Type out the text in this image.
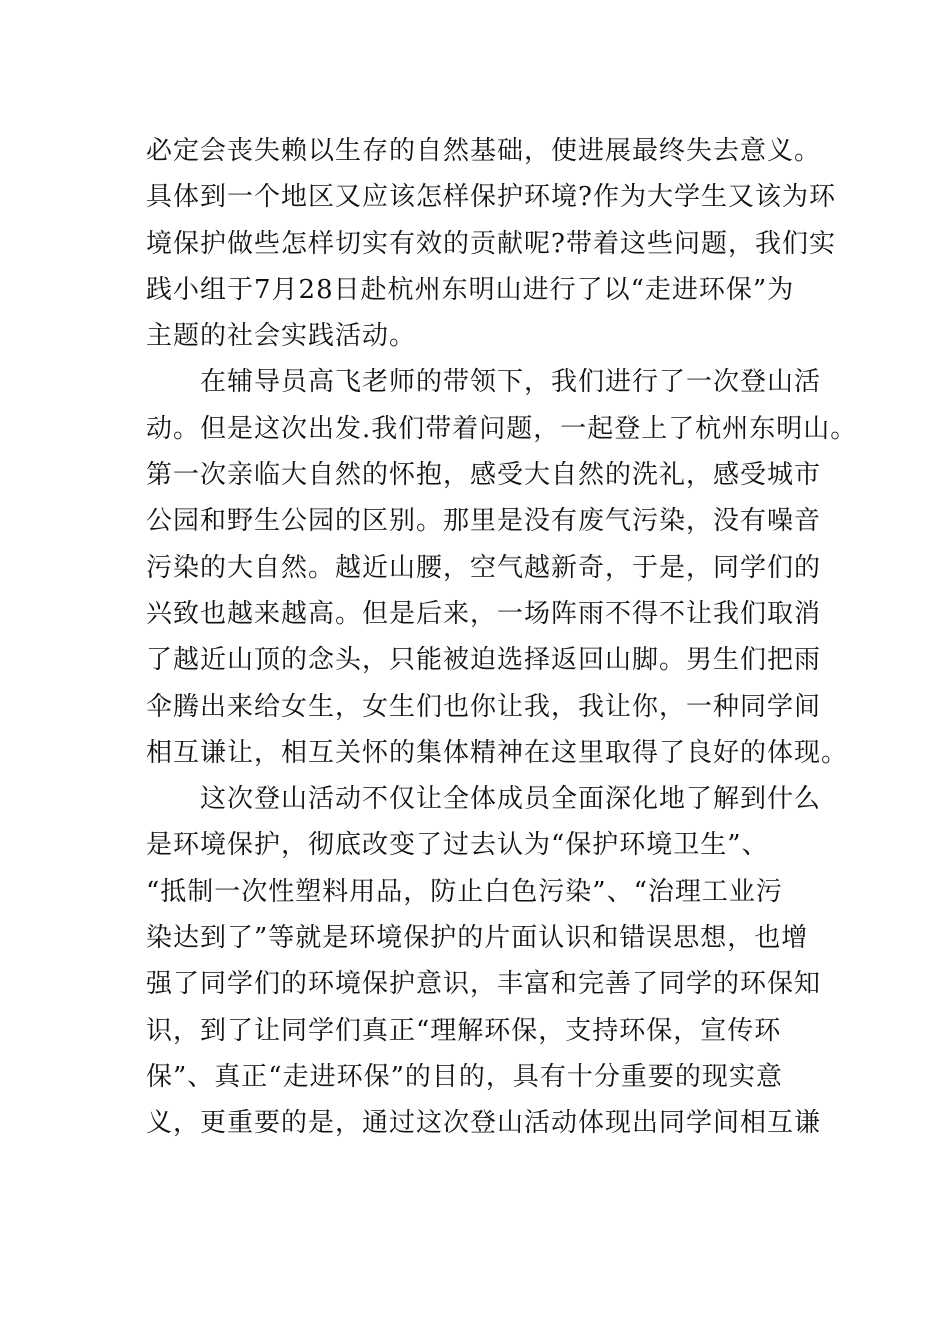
必定会丧失赖以生存的自然基础，使进展最终失去意义。
具体到一个地区又应该怎样保护环境?作为大学生又该为环
境保护做些怎样切实有效的贡献呢?带着这些问题，我们实
践小组于7月28日赴杭州东明山进行了以“走进环保”为
主题的社会实践活动。
在辅导员高飞老师的带领下，我们进行了一次登山活
动。但是这次出发.我们带着问题，一起登上了杭州东明山。
第一次亲临大自然的怀抱，感受大自然的洗礼，感受城市
公园和野生公园的区别。那里是没有废气污染，没有噪音
污染的大自然。越近山腰，空气越新奇，于是，同学们的
兴致也越来越高。但是后来，一场阵雨不得不让我们取消
了越近山顶的念头，只能被迫选择返回山脚。男生们把雨
伞腾出来给女生，女生们也你让我，我让你，一种同学间
相互谦让，相互关怀的集体精神在这里取得了良好的体现。
这次登山活动不仅让全体成员全面深化地了解到什么
是环境保护，彻底改变了过去认为“保护环境卫生”、
“抵制一次性塑料用品，防止白色污染”、“治理工业污
染达到了”等就是环境保护的片面认识和错误思想，也增
强了同学们的环境保护意识，丰富和完善了同学的环保知
识，到了让同学们真正“理解环保，支持环保，宣传环
保”、真正“走进环保”的目的，具有十分重要的现实意
义，更重要的是，通过这次登山活动体现出同学间相互谦
